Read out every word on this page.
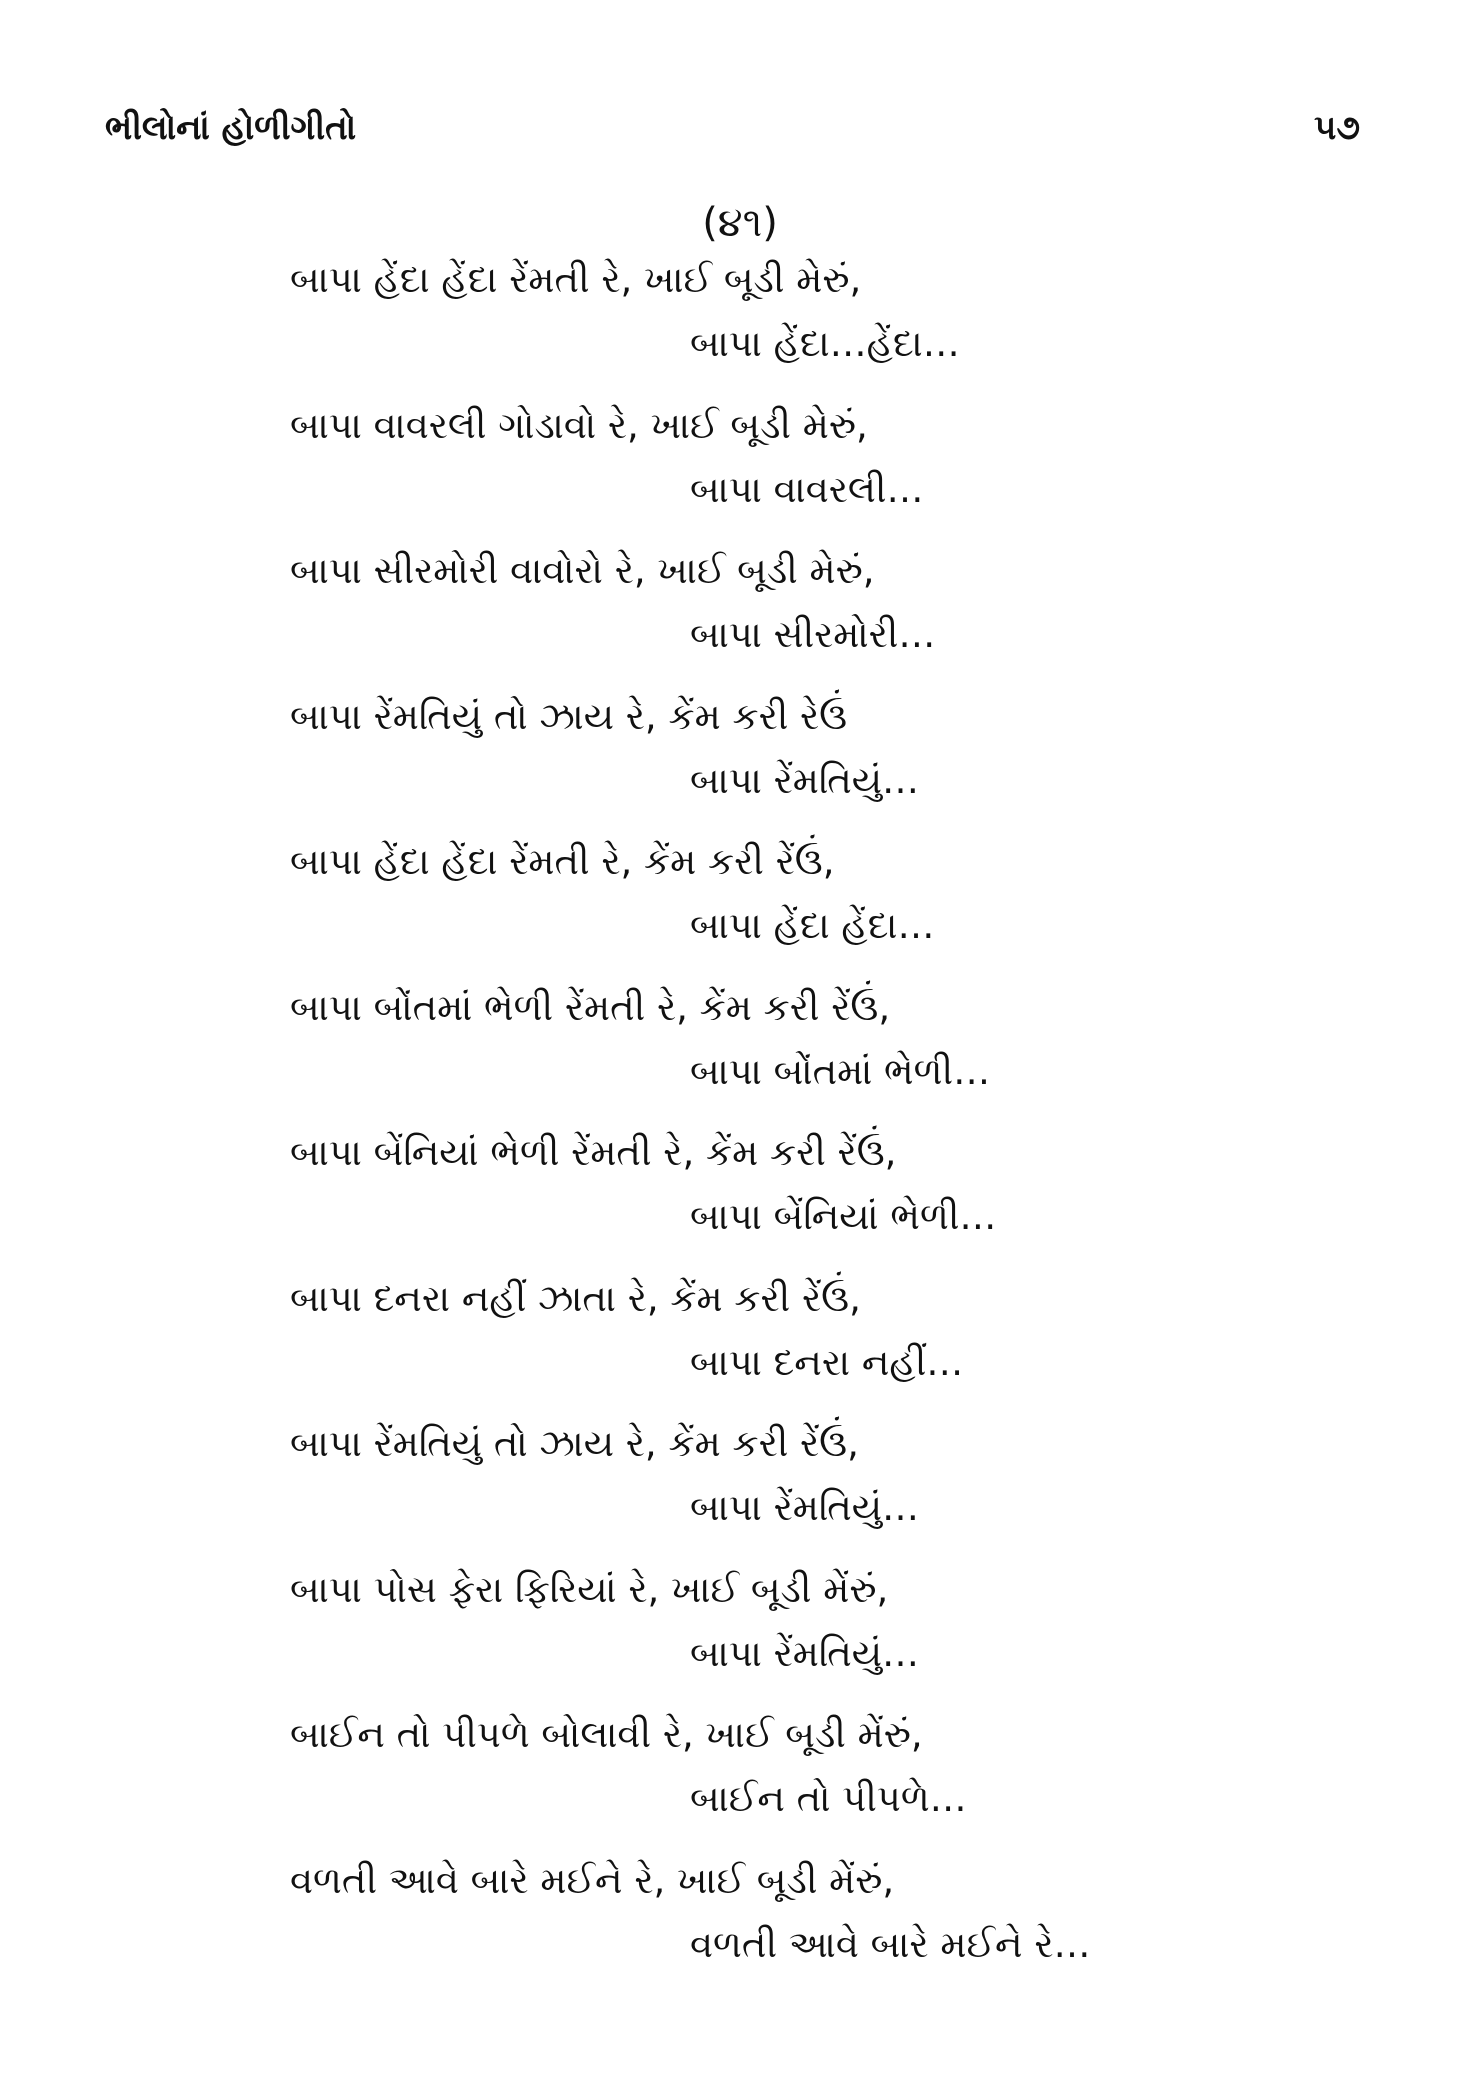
ભીલોનાં હોળીગીતો	૫૭
(૪૧)
બાપા હેંદા હેંદા રેંમતી રે, ખાઈ બૂડી મેરું,
બાપા હેંદા…હેંદા…
બાપા વાવરલી ગોડાવો રે, ખાઈ બૂડી મેરું,
બાપા વાવરલી…
બાપા સીરમોરી વાવોરો રે, ખાઈ બૂડી મેરું,
બાપા સીરમોરી…
બાપા રેંમતિયું તો ઝાય રે, કેંમ કરી રેઉં
બાપા રેંમતિયું…
બાપા હેંદા હેંદા રેંમતી રે, કેંમ કરી રેંઉં,
બાપા હેંદા હેંદા…
બાપા બોંતમાં ભેળી રેંમતી રે, કેંમ કરી રેંઉં,
બાપા બોંતમાં ભેળી…
બાપા બેંનિયાં ભેળી રેંમતી રે, કેંમ કરી રેંઉં,
બાપા બેંનિયાં ભેળી…
બાપા દનરા નહીં ઝાતા રે, કેંમ કરી રેંઉં,
બાપા દનરા નહીં…
બાપા રેંમતિયું તો ઝાય રે, કેંમ કરી રેંઉં,
બાપા રેંમતિયું…
બાપા પોસ ફેરા ફિરિયાં રે, ખાઈ બૂડી મેંરું,
બાપા રેંમતિયું…
બાઈન તો પીપળે બોલાવી રે, ખાઈ બૂડી મેંરું,
બાઈન તો પીપળે…
વળતી આવે બારે મઈને રે, ખાઈ બૂડી મેંરું,
વળતી આવે બારે મઈને રે…
